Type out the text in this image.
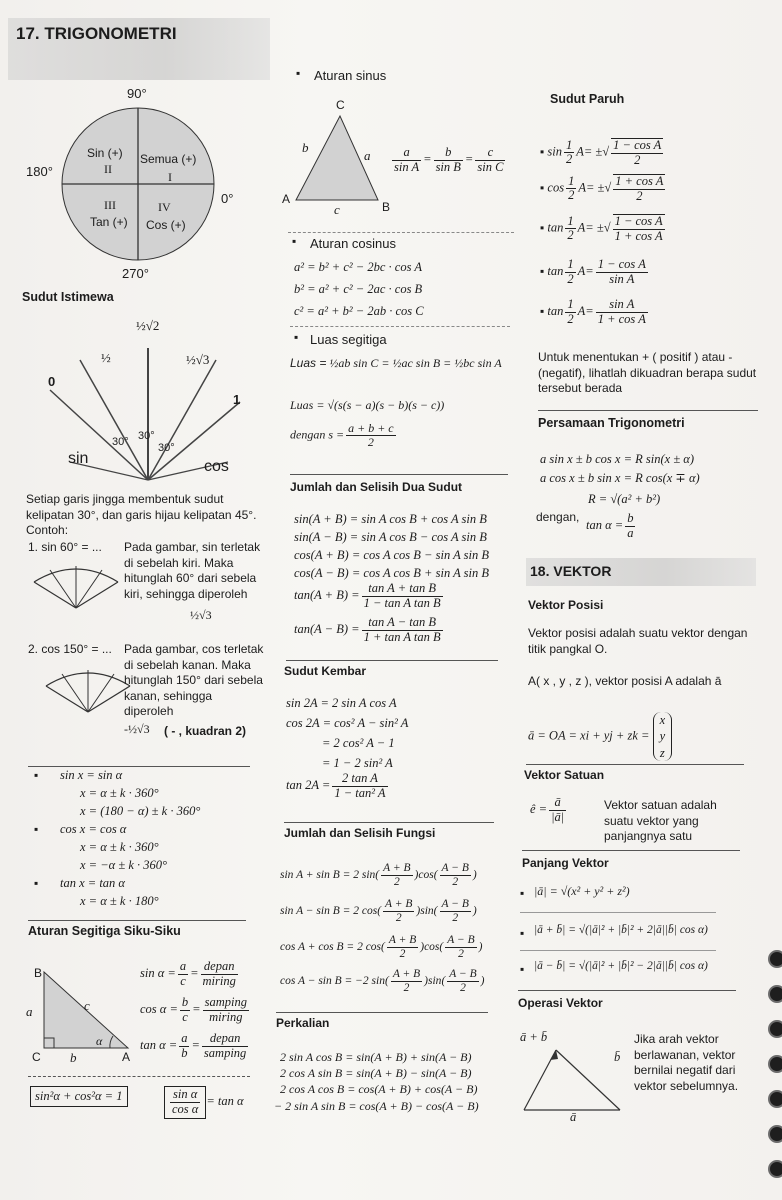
17. TRIGONOMETRI
90°
180°
0°
270°
Sin (+)
II
Semua (+)
I
III
Tan (+)
IV
Cos (+)
Sudut Istimewa
½√2
½	½√3
0
1
30° 30°
30°
sin	cos
Setiap garis jingga membentuk sudut kelipatan 30°, dan garis hijau kelipatan 45°. Contoh:
1. sin 60° = ... Pada gambar, sin terletak di sebelah kiri. Maka hitunglah 60° dari sebela kiri, sehingga diperoleh
½√3
2. cos 150° = ... Pada gambar, cos terletak di sebelah kanan. Maka hitunglah 150° dari sebela kanan, sehingga diperoleh
-½√3 ( - , kuadran 2)
▪ sin x = sin α
x = α ± k · 360°
x = (180 − α) ± k · 360°
▪ cos x = cos α
x = α ± k · 360°
x = −α ± k · 360°
▪ tan x = tan α
x = α ± k · 180°
Aturan Segitiga Siku-Siku
B
a	c
α
C b	A
$\sin \alpha = \frac{a}{c}$ =
depan
miring
$\cos \alpha = \frac{b}{c}$ =
samping
miring
$\tan \alpha = \frac{a}{b}$ =
depan
samping
sin²α + cos²α = 1	$\frac{\text{sin α}}{\text{cos α}} = \tan \alpha$
▪ Aturan sinus
C
b
a
A
c	B
$\frac{a}{\text{sin A}} = \frac{b}{\text{sin B}} = \frac{c}{\text{sin C}}$
▪ Aturan cosinus
a² = b² + c² − 2bc · cos A
b² = a² + c² − 2ac · cos B
c² = a² + b² − 2ab · cos C
▪ Luas segitiga
Luas = ½ab sin C = ½ac sin B = ½bc sin A
Luas = √(s(s − a)(s − b)(s − c))
dengan $s = \frac{a + b + c}{2}$
Jumlah dan Selisih Dua Sudut
sin(A + B) = sin A cos B + cos A sin B
sin(A − B) = sin A cos B − cos A sin B
cos(A + B) = cos A cos B − sin A sin B
cos(A − B) = cos A cos B + sin A sin B
$\tan(A + B) = \frac{\text{tan A + tan B}}{\text{1 − tan A tan B}}$
$\tan(A - B) = \frac{\text{tan A − tan B}}{\text{1 + tan A tan B}}$
Sudut Kembar
sin 2A = 2 sin A cos A
cos 2A = cos² A − sin² A
= 2 cos² A − 1
= 1 − 2 sin² A
$\tan 2A = \frac{\text{2 tan A}}{\text{1 − tan² A}}$
Jumlah dan Selisih Fungsi
sin A + sin B = 2 $\sin( \frac{A + B}{2} )\cos( \frac{A - B}{2}$ )
sin A − sin B = 2 $\cos( \frac{A + B}{2} )\sin( \frac{A - B}{2}$ )
cos A + cos B = 2 $\cos( \frac{A + B}{2} )\cos( \frac{A - B}{2}$ )
cos A − sin B = −2 $\sin( \frac{A + B}{2} )\sin( \frac{A - B}{2}$ )
Perkalian
2 sin A cos B = sin(A + B) + sin(A − B)
2 cos A sin B = sin(A + B) − sin(A − B)
2 cos A cos B = cos(A + B) + cos(A − B)
− 2 sin A sin B = cos(A + B) − cos(A − B)
Sudut Paruh
▪ $\sin \frac{1}{2} A=$ ±√ $\frac{\text{1 − cos A}}{2}$
▪ $\cos \frac{1}{2} A=$ ±√ $\frac{\text{1 + cos A}}{2}$
▪ $\tan \frac{1}{2} A=$ ±√ $\frac{\text{1 − cos A}}{\text{1 + cos A}}$
▪ $\tan \frac{1}{2} A= \frac{\text{1 − cos A}}{\text{sin A}}$
▪ $\tan \frac{1}{2} A= \frac{\text{sin A}}{\text{1 + cos A}}$
Untuk menentukan + ( positif ) atau - (negatif), lihatlah dikuadran berapa sudut tersebut berada
Persamaan Trigonometri
a sin x ± b cos x = R sin(x ± α)
a cos x ± b sin x = R cos(x ∓ α)
R = √(a² + b²)
dengan,
$\tan \alpha = \frac{b}{a}$
18. VEKTOR
Vektor Posisi
Vektor posisi adalah suatu vektor dengan titik pangkal O.
A( x , y , z ), vektor posisi A adalah ā
ā = OA = xi + yj + zk =
x
y
z
Vektor Satuan
ê = $\frac{ā}{|ā|}$	Vektor satuan adalah suatu vektor yang panjangnya satu
Panjang Vektor
▪ |ā| = √(x² + y² + z²)
▪ |ā + b̄| = √(|ā|² + |b̄|² + 2|ā||b̄| cos α)
▪ |ā − b̄| = √(|ā|² + |b̄|² − 2|ā||b̄| cos α)
Operasi Vektor
ā + b̄
b̄
ā
Jika arah vektor berlawanan, vektor bernilai negatif dari vektor sebelumnya.
